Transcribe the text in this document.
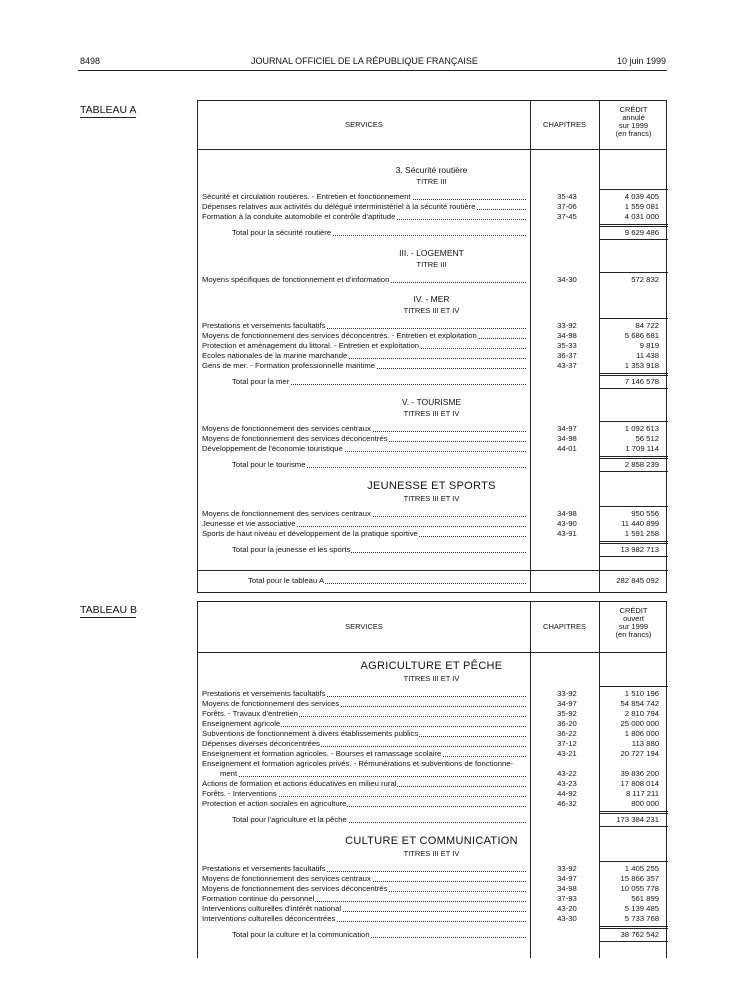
8498	JOURNAL OFFICIEL DE LA RÉPUBLIQUE FRANÇAISE	10 juin 1999
TABLEAU A
SERVICES	CHAPITRES
CRÉDIT
annulé
sur 1999
(en francs)
3. Sécurité routière
TITRE III
Sécurité et circulation routières. - Entretien et fonctionnement	35-43	4 039 405
Dépenses relatives aux activités du délégué interministériel à la sécurité routière	37-06	1 559 081
Formation à la conduite automobile et contrôle d'aptitude	37-45	4 031 000
Total pour la sécurité routière	9 629 486
III. - LOGEMENT
TITRE III
Moyens spécifiques de fonctionnement et d'information	34-30	572 832
IV. - MER
TITRES III ET IV
Prestations et versements facultatifs	33-92	84 722
Moyens de fonctionnement des services déconcentrés. - Entretien et exploitation	34-98	5 686 681
Protection et aménagement du littoral. - Entretien et exploitation	35-33	9 819
Ecoles nationales de la marine marchande	36-37	11 438
Gens de mer. - Formation professionnelle maritime	43-37	1 353 918
Total pour la mer	7 146 578
V. - TOURISME
TITRES III ET IV
Moyens de fonctionnement des services centraux	34-97	1 092 613
Moyens de fonctionnement des services déconcentrés	34-98	56 512
Développement de l'économie touristique	44-01	1 709 114
Total pour le tourisme	2 858 239
JEUNESSE ET SPORTS
TITRES III ET IV
Moyens de fonctionnement des services centraux	34-98	950 556
Jeunesse et vie associative	43-90	11 440 899
Sports de haut niveau et développement de la pratique sportive	43-91	1 591 258
Total pour la jeunesse et les sports	13 982 713
Total pour le tableau A	282 845 092
TABLEAU B
SERVICES	CHAPITRES
CRÉDIT
ouvert
sur 1999
(en francs)
AGRICULTURE ET PÊCHE
TITRES III ET IV
Prestations et versements facultatifs	33-92	1 510 196
Moyens de fonctionnement des services	34-97	54 854 742
Forêts. - Travaux d'entretien	35-92	2 810 794
Enseignement agricole	36-20	25 000 000
Subventions de fonctionnement à divers établissements publics	36-22	1 806 000
Dépenses diverses déconcentrées	37-12	113 880
Enseignement et formation agricoles. - Bourses et ramassage scolaire	43-21	20 727 194
Enseignement et formation agricoles privés. - Rémunérations et subventions de fonctionne-
ment	43-22	39 836 200
Actions de formation et actions éducatives en milieu rural	43-23	17 808 014
Forêts. - Interventions	44-92	8 117 211
Protection et action sociales en agriculture	46-32	800 000
Total pour l'agriculture et la pêche	173 384 231
CULTURE ET COMMUNICATION
TITRES III ET IV
Prestations et versements facultatifs	33-92	1 405 255
Moyens de fonctionnement des services centraux	34-97	15 866 357
Moyens de fonctionnement des services déconcentrés	34-98	10 055 778
Formation continue du personnel	37-93	561 899
Interventions culturelles d'intérêt national	43-20	5 139 485
Interventions culturelles déconcentrées	43-30	5 733 768
Total pour la culture et la communication	38 762 542
